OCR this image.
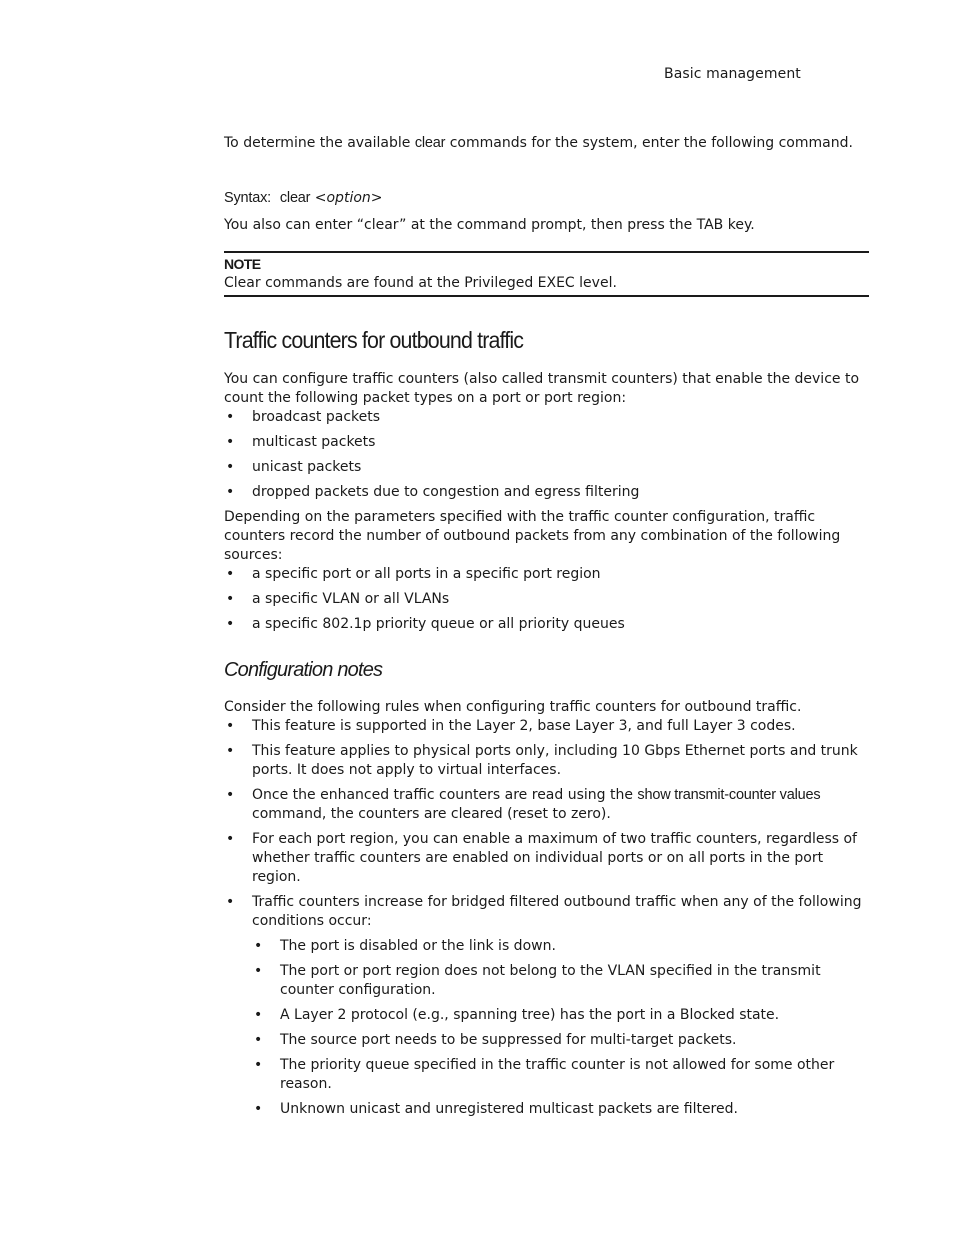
Basic management

To determine the available clear commands for the system, enter the following command.

Syntax: clear <option>

You also can enter “clear” at the command prompt, then press the TAB key.

NOTE
Clear commands are found at the Privileged EXEC level.
Traffic counters for outbound traffic

You can configure traffic counters (also called transmit counters) that enable the device to count the following packet types on a port or port region:

• broadcast packets
• multicast packets
• unicast packets
• dropped packets due to congestion and egress filtering

Depending on the parameters specified with the traffic counter configuration, traffic counters record the number of outbound packets from any combination of the following sources:

• a specific port or all ports in a specific port region
• a specific VLAN or all VLANs
• a specific 802.1p priority queue or all priority queues
Configuration notes

Consider the following rules when configuring traffic counters for outbound traffic.

• This feature is supported in the Layer 2, base Layer 3, and full Layer 3 codes.
• This feature applies to physical ports only, including 10 Gbps Ethernet ports and trunk ports. It does not apply to virtual interfaces.
• Once the enhanced traffic counters are read using the show transmit-counter values command, the counters are cleared (reset to zero).
• For each port region, you can enable a maximum of two traffic counters, regardless of whether traffic counters are enabled on individual ports or on all ports in the port region.
• Traffic counters increase for bridged filtered outbound traffic when any of the following conditions occur:
• The port is disabled or the link is down.
• The port or port region does not belong to the VLAN specified in the transmit counter configuration.
• A Layer 2 protocol (e.g., spanning tree) has the port in a Blocked state.
• The source port needs to be suppressed for multi-target packets.
• The priority queue specified in the traffic counter is not allowed for some other reason.
• Unknown unicast and unregistered multicast packets are filtered.
